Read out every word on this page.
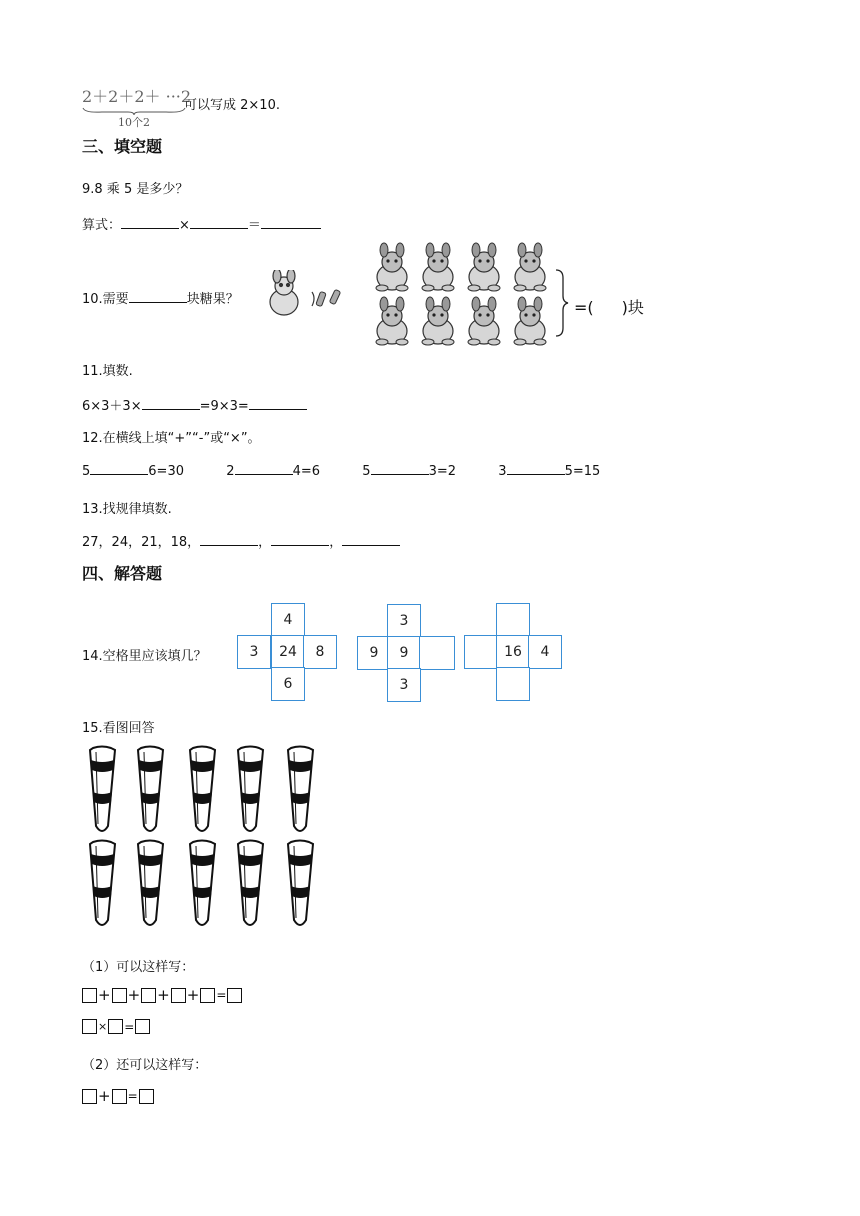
2＋2＋2＋ ···2
10个2
可以写成 2×10.
三、填空题
9.8 乘 5 是多少？
算式：	×	＝
10.需要	块糖果？	=( )块
11.填数.
6×3＋3×	=9×3=
12.在横线上填“+”“-”或“×”。
5	6=30	2	4=6	5	3=2	3	5=15
13.找规律填数.
27，24，21，18，	，	，
四、解答题
14.空格里应该填几？
4
3	24	8
6
3
9	9
3
16	4
15.看图回答
（1）可以这样写：
+ + + + =
× =
（2）还可以这样写：
+ =
